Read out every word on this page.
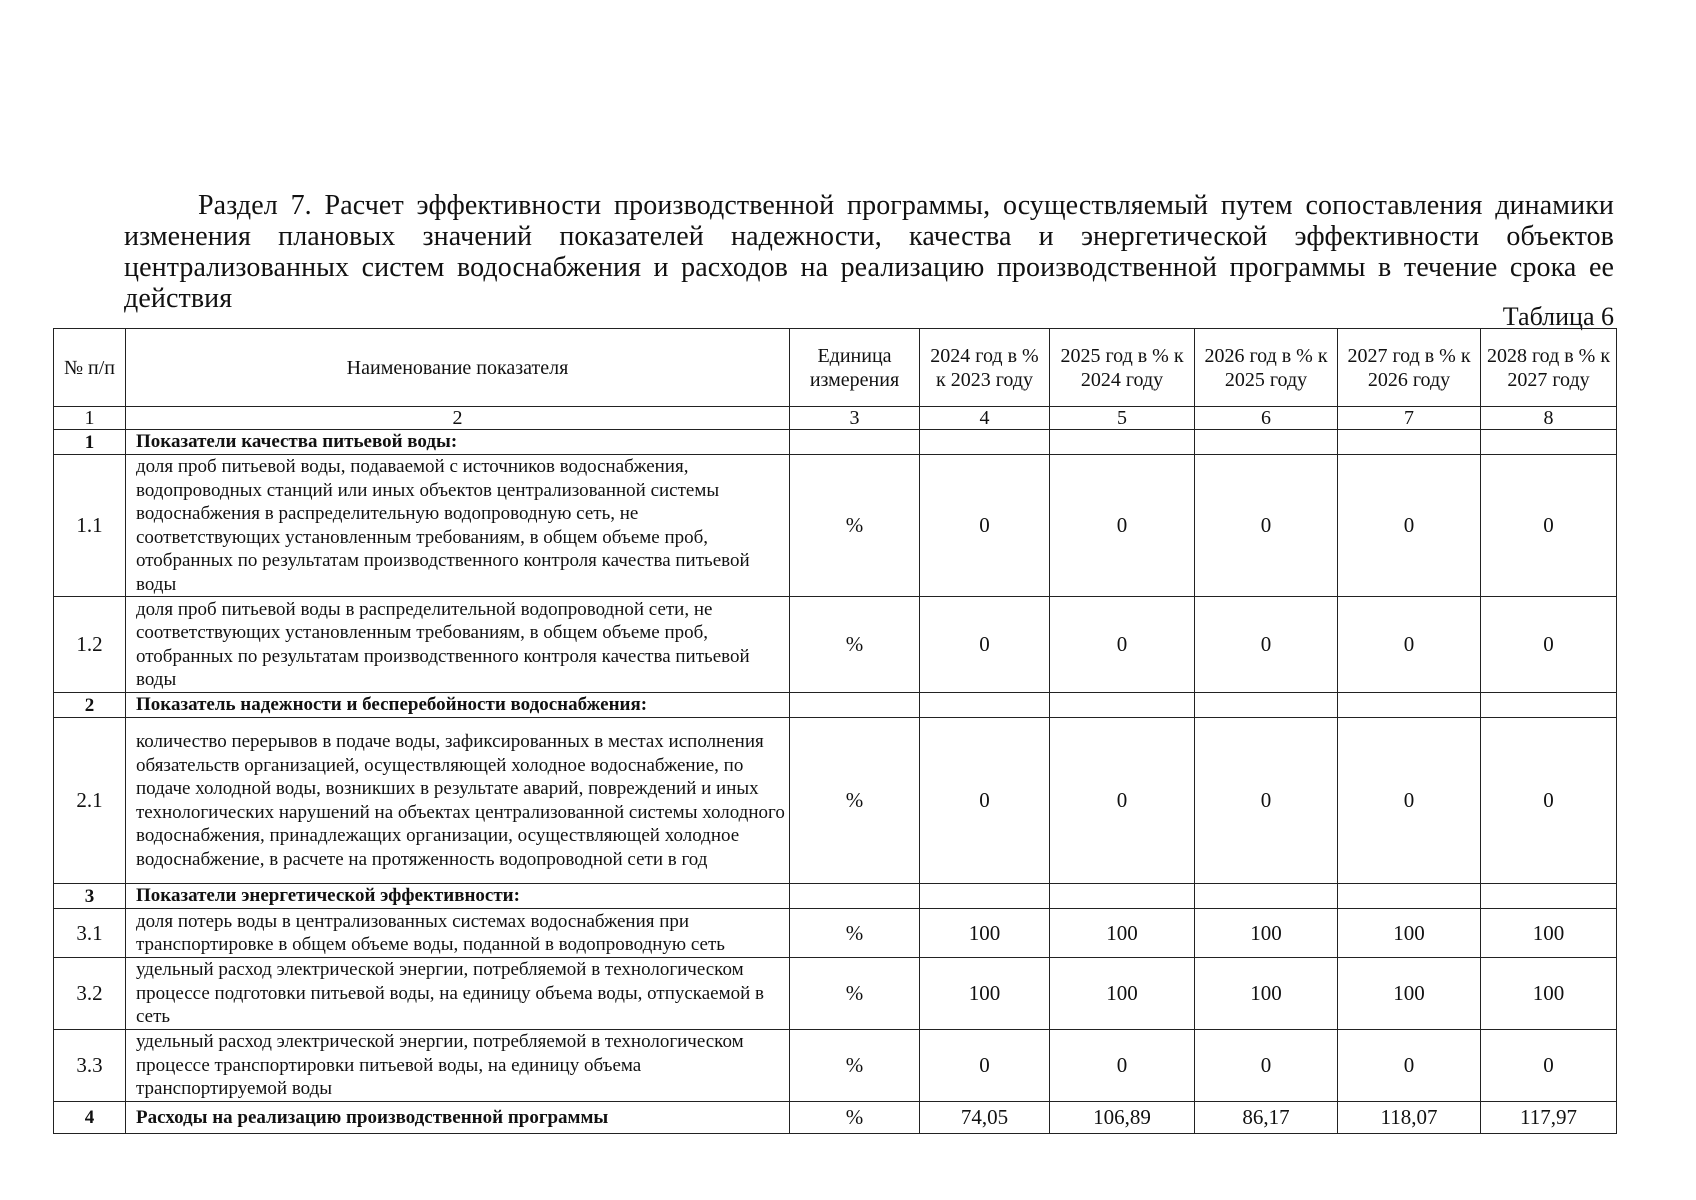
Раздел 7. Расчет эффективности производственной программы, осуществляемый путем сопоставления динамики изменения плановых значений показателей надежности, качества и энергетической эффективности объектов централизованных систем водоснабжения и расходов на реализацию производственной программы в течение срока ее действия

Таблица 6
№ п/п	Наименование показателя	Единица измерения	2024 год в % к 2023 году	2025 год в % к 2024 году	2026 год в % к 2025 году	2027 год в % к 2026 году	2028 год в % к 2027 году
1	2	3	4	5	6	7	8
1	Показатели качества питьевой воды:						
1.1	доля проб питьевой воды, подаваемой с источников водоснабжения, водопроводных станций или иных объектов централизованной системы водоснабжения в распределительную водопроводную сеть, не соответствующих установленным требованиям, в общем объеме проб, отобранных по результатам производственного контроля качества питьевой воды	%	0	0	0	0	0
1.2	доля проб питьевой воды в распределительной водопроводной сети, не соответствующих установленным требованиям, в общем объеме проб, отобранных по результатам производственного контроля качества питьевой воды	%	0	0	0	0	0
2	Показатель надежности и бесперебойности водоснабжения:						
2.1	количество перерывов в подаче воды, зафиксированных в местах исполнения обязательств организацией, осуществляющей холодное водоснабжение, по подаче холодной воды, возникших в результате аварий, повреждений и иных технологических нарушений на объектах централизованной системы холодного водоснабжения, принадлежащих организации, осуществляющей холодное водоснабжение, в расчете на протяженность водопроводной сети в год	%	0	0	0	0	0
3	Показатели энергетической эффективности:						
3.1	доля потерь воды в централизованных системах водоснабжения при транспортировке в общем объеме воды, поданной в водопроводную сеть	%	100	100	100	100	100
3.2	удельный расход электрической энергии, потребляемой в технологическом процессе подготовки питьевой воды, на единицу объема воды, отпускаемой в сеть	%	100	100	100	100	100
3.3	удельный расход электрической энергии, потребляемой в технологическом процессе транспортировки питьевой воды, на единицу объема транспортируемой воды	%	0	0	0	0	0
4	Расходы на реализацию производственной программы	%	74,05	106,89	86,17	118,07	117,97
